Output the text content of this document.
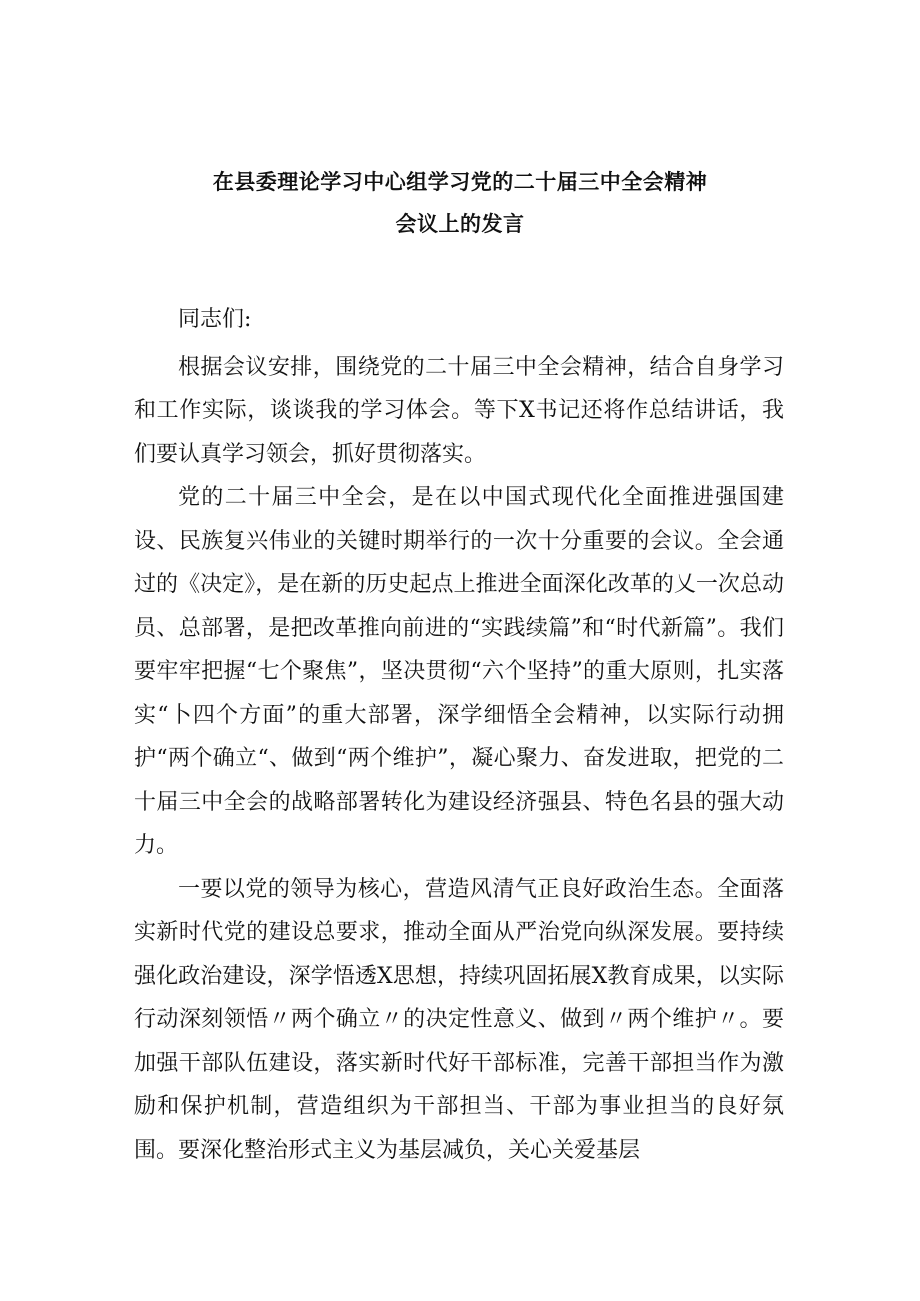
在县委理论学习中心组学习党的二十届三中全会精神
会议上的发言

同志们:

根据会议安排，围绕党的二十届三中全会精神，结合自身学习和工作实际，谈谈我的学习体会。等下X书记还将作总结讲话，我们要认真学习领会，抓好贯彻落实。

党的二十届三中全会，是在以中国式现代化全面推进强国建设、民族复兴伟业的关键时期举行的一次十分重要的会议。全会通过的《决定》，是在新的历史起点上推进全面深化改革的乂一次总动员、总部署，是把改革推向前进的“实践续篇”和“时代新篇”。我们要牢牢把握“七个聚焦”，坚决贯彻“六个坚持”的重大原则，扎实落实“卜四个方面”的重大部署，深学细悟全会精神，以实际行动拥护“两个确立“、做到“两个维护”，凝心聚力、奋发进取，把党的二十届三中全会的战略部署转化为建设经济强县、特色名县的强大动力。

一要以党的领导为核心，营造风清气正良好政治生态。全面落实新时代党的建设总要求，推动全面从严治党向纵深发展。要持续强化政治建设，深学悟透X思想，持续巩固拓展X教育成果，以实际行动深刻领悟〃两个确立〃的决定性意义、做到〃两个维护〃。要加强干部队伍建设，落实新时代好干部标准，完善干部担当作为激励和保护机制，营造组织为干部担当、干部为事业担当的良好氛围。要深化整治形式主义为基层减负，关心关爱基层
